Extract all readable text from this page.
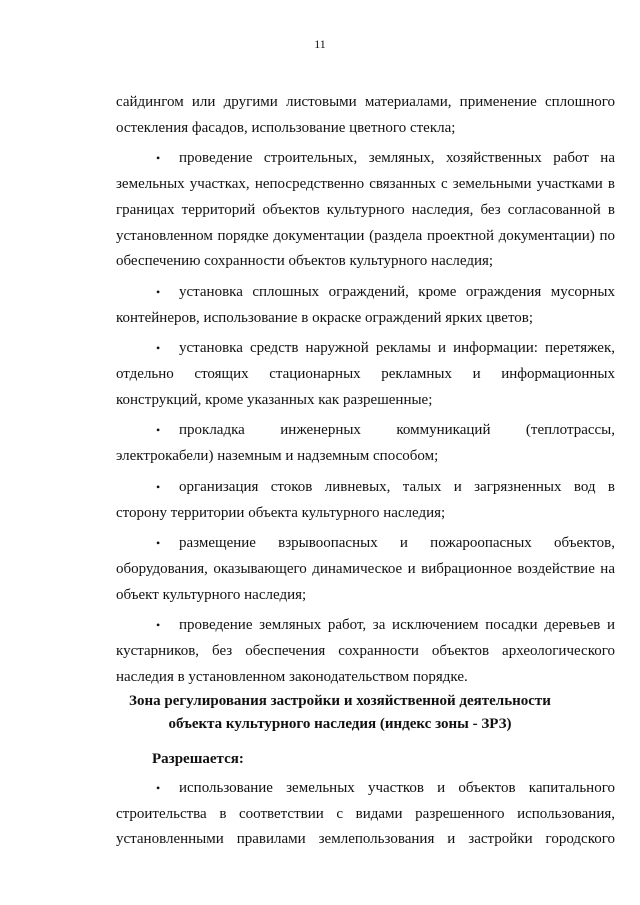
11
сайдингом или другими листовыми материалами, применение сплошного
остекления фасадов, использование цветного стекла;
• проведение строительных, земляных, хозяйственных работ на
земельных участках, непосредственно связанных с земельными участками в
границах территорий объектов культурного наследия, без согласованной в
установленном порядке документации (раздела проектной документации) по
обеспечению сохранности объектов культурного наследия;
• установка сплошных ограждений, кроме ограждения мусорных
контейнеров, использование в окраске ограждений ярких цветов;
• установка средств наружной рекламы и информации: перетяжек,
отдельно стоящих стационарных рекламных и информационных
конструкций, кроме указанных как разрешенные;
• прокладка инженерных коммуникаций (теплотрассы,
электрокабели) наземным и надземным способом;
• организация стоков ливневых, талых и загрязненных вод в
сторону территории объекта культурного наследия;
• размещение взрывоопасных и пожароопасных объектов,
оборудования, оказывающего динамическое и вибрационное воздействие на
объект культурного наследия;
• проведение земляных работ, за исключением посадки деревьев и
кустарников, без обеспечения сохранности объектов археологического
наследия в установленном законодательством порядке.
Зона регулирования застройки и хозяйственной деятельности
объекта культурного наследия (индекс зоны - ЗРЗ)
Разрешается:
• использование земельных участков и объектов капитального
строительства в соответствии с видами разрешенного использования,
установленными правилами землепользования и застройки городского
